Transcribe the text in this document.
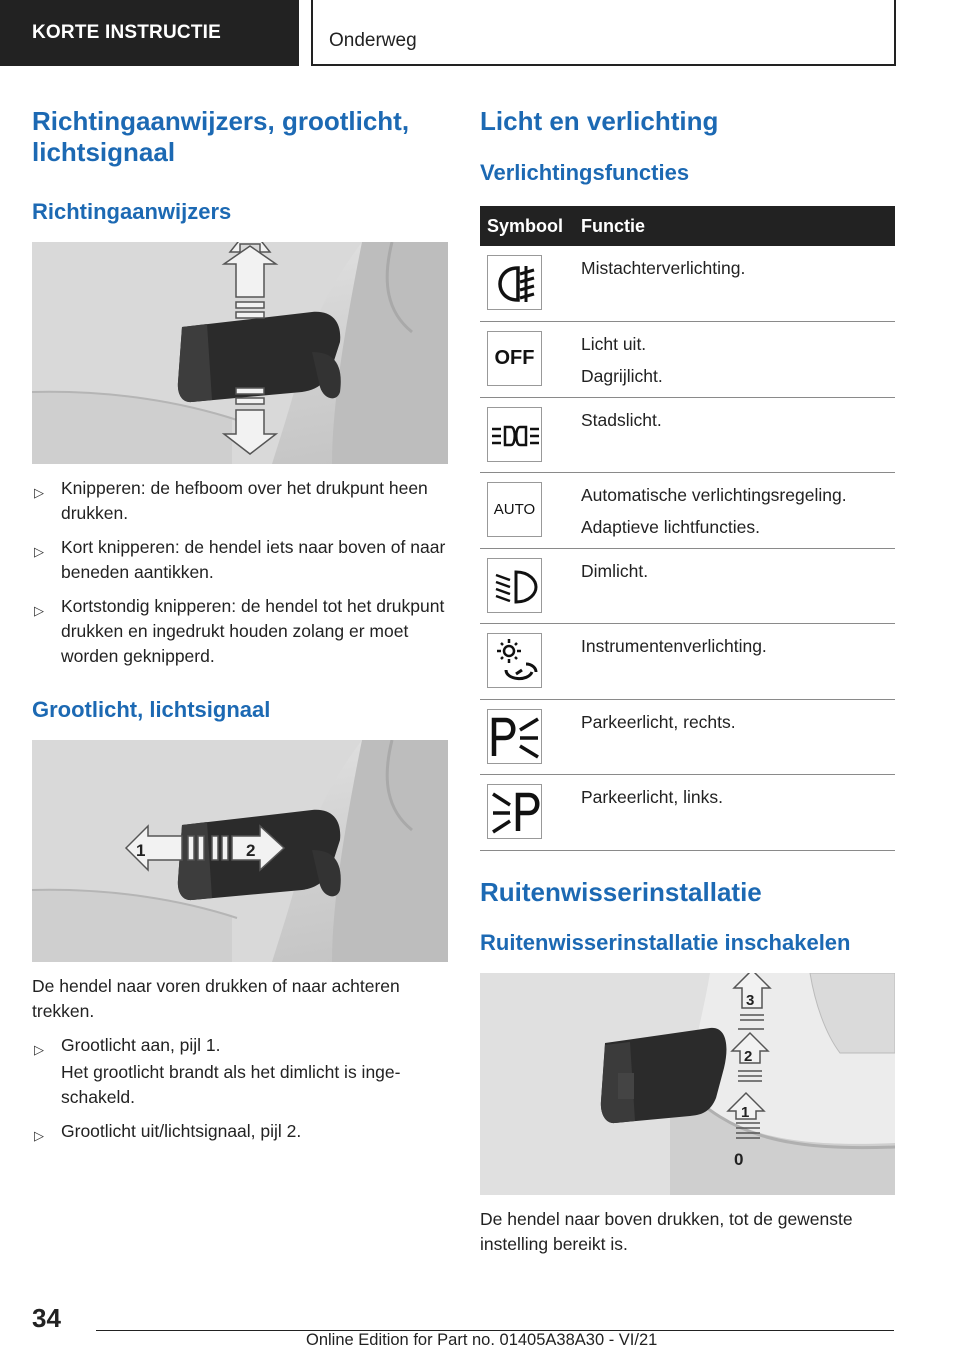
KORTE INSTRUCTIE	Onderweg
Richtingaanwijzers, grootlicht, lichtsignaal
Richtingaanwijzers
▷ Knipperen: de hefboom over het drukpunt heen drukken.
▷ Kort knipperen: de hendel iets naar boven of naar beneden aantikken.
▷ Kortstondig knipperen: de hendel tot het drukpunt drukken en ingedrukt houden zolang er moet worden geknipperd.
Grootlicht, lichtsignaal
1	2

De hendel naar voren drukken of naar achteren trekken.

▷ Grootlicht aan, pijl 1.
Het grootlicht brandt als het dimlicht is ingeschakeld.
▷ Grootlicht uit/lichtsignaal, pijl 2.
Licht en verlichting
Verlichtingsfuncties
Symbool	Functie

Mistachterverlichting.

OFF	Licht uit.
Dagrijlicht.

Stadslicht.

AUTO	Automatische verlichtingsregeling.
Adaptieve lichtfuncties.

Dimlicht.

Instrumentenverlichting.

Parkeerlicht, rechts.

Parkeerlicht, links.
Ruitenwisserinstallatie
Ruitenwisserinstallatie inschakelen
3
2
1
0

De hendel naar boven drukken, tot de gewenste instelling bereikt is.

34
Online Edition for Part no. 01405A38A30 - VI/21
